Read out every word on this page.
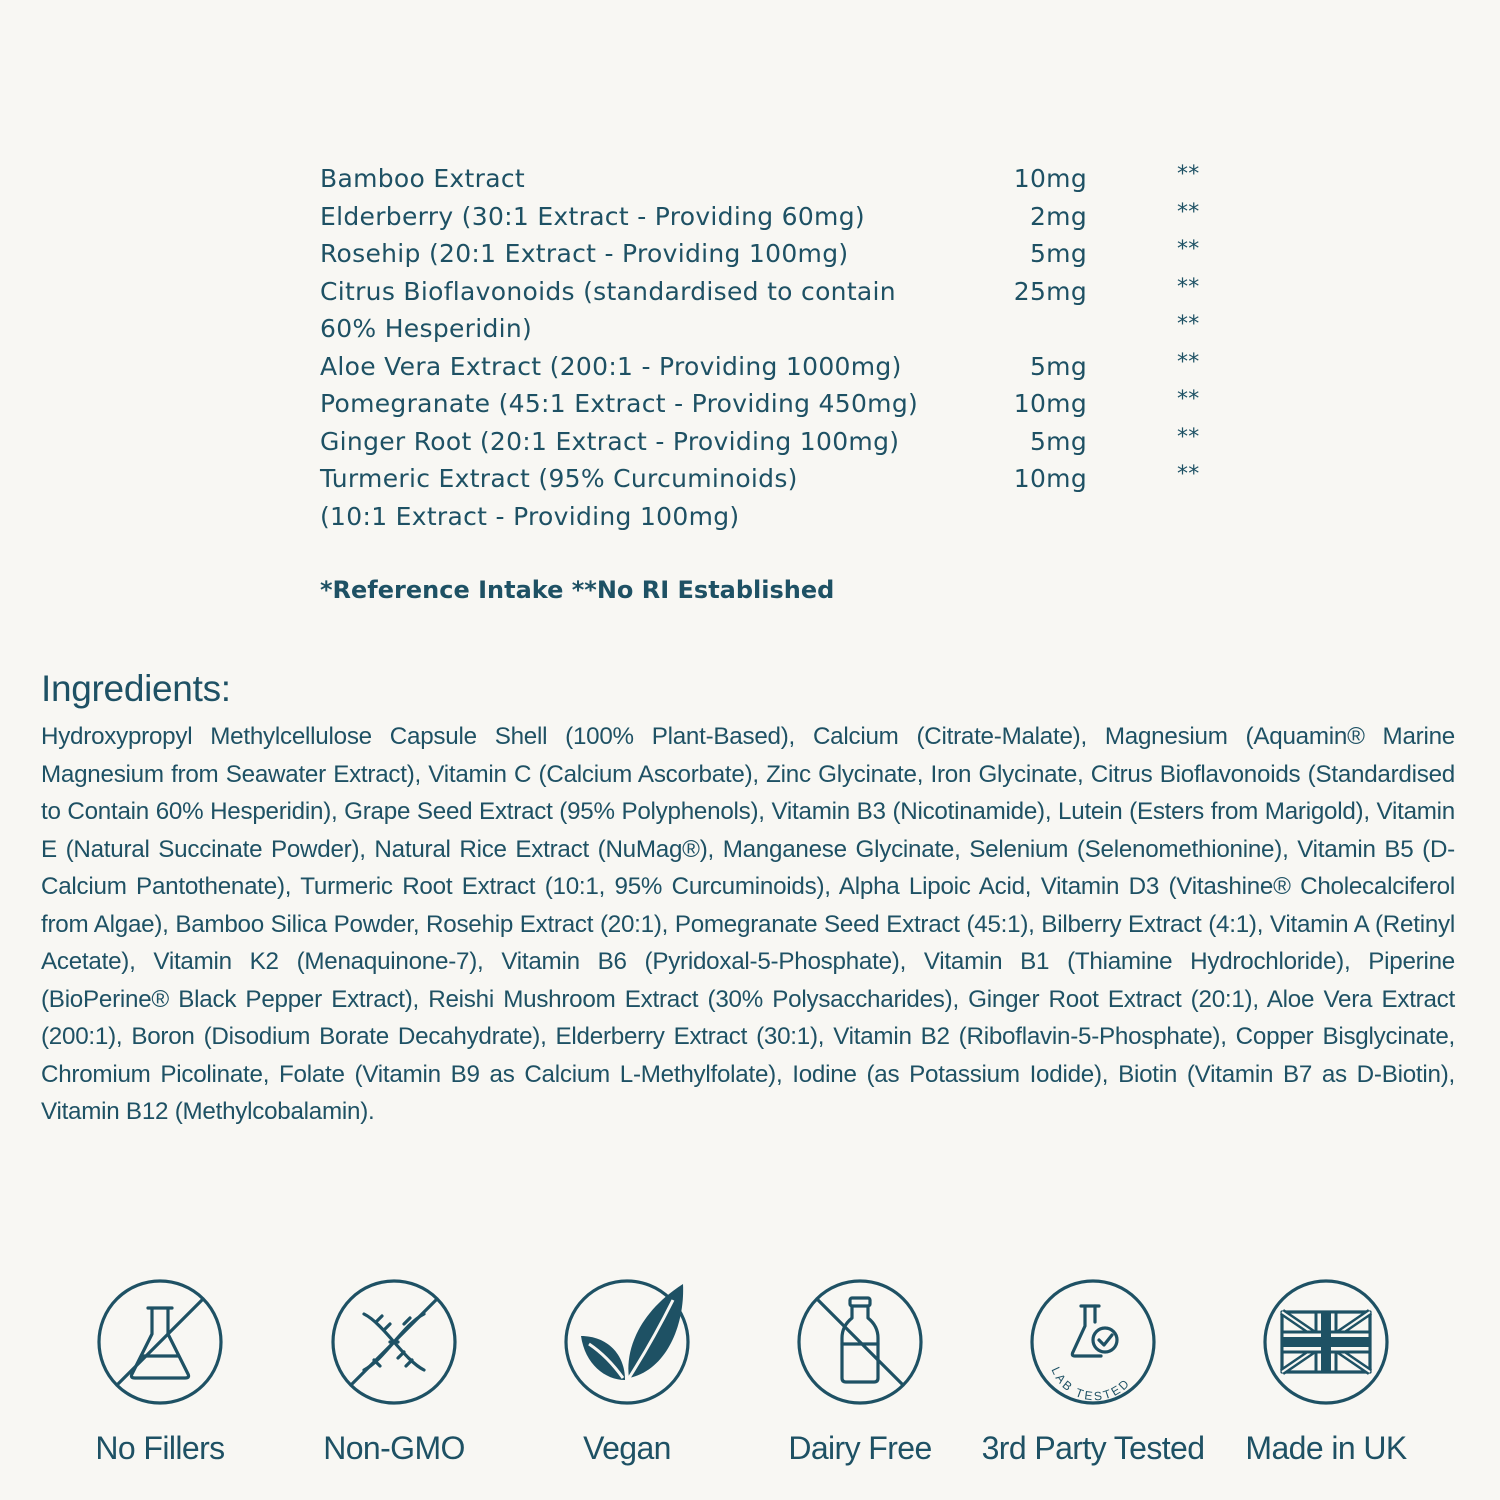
Bamboo Extract	10mg	**
Elderberry (30:1 Extract - Providing 60mg)	2mg	**
Rosehip (20:1 Extract - Providing 100mg)	5mg	**
Citrus Bioflavonoids (standardised to contain	25mg	**
60% Hesperidin)	**
Aloe Vera Extract (200:1 - Providing 1000mg)	5mg	**
Pomegranate (45:1 Extract - Providing 450mg)	10mg	**
Ginger Root (20:1 Extract - Providing 100mg)	5mg	**
Turmeric Extract (95% Curcuminoids)	10mg	**
(10:1 Extract - Providing 100mg)
*Reference Intake **No RI Established
Ingredients:
Hydroxypropyl Methylcellulose Capsule Shell (100% Plant-Based), Calcium (Citrate-Malate), Magnesium (Aquamin® Marine Magnesium from Seawater Extract), Vitamin C (Calcium Ascorbate), Zinc Glycinate, Iron Glycinate, Citrus Bioflavonoids (Standardised to Contain 60% Hesperidin), Grape Seed Extract (95% Polyphenols), Vitamin B3 (Nicotinamide), Lutein (Esters from Marigold), Vitamin E (Natural Succinate Powder), Natural Rice Extract (NuMag®), Manganese Glycinate, Selenium (Selenomethionine), Vitamin B5 (D-Calcium Pantothenate), Turmeric Root Extract (10:1, 95% Curcuminoids), Alpha Lipoic Acid, Vitamin D3 (Vitashine® Cholecalciferol from Algae), Bamboo Silica Powder, Rosehip Extract (20:1), Pomegranate Seed Extract (45:1), Bilberry Extract (4:1), Vitamin A (Retinyl Acetate), Vitamin K2 (Menaquinone-7), Vitamin B6 (Pyridoxal-5-Phosphate), Vitamin B1 (Thiamine Hydrochloride), Piperine (BioPerine® Black Pepper Extract), Reishi Mushroom Extract (30% Polysaccharides), Ginger Root Extract (20:1), Aloe Vera Extract (200:1), Boron (Disodium Borate Decahydrate), Elderberry Extract (30:1), Vitamin B2 (Riboflavin-5-Phosphate), Copper Bisglycinate, Chromium Picolinate, Folate (Vitamin B9 as Calcium L-Methylfolate), Iodine (as Potassium Iodide), Biotin (Vitamin B7 as D-Biotin), Vitamin B12 (Methylcobalamin).
No Fillers	Non-GMO	Vegan	Dairy Free
LAB TESTED
3rd Party Tested	Made in UK
